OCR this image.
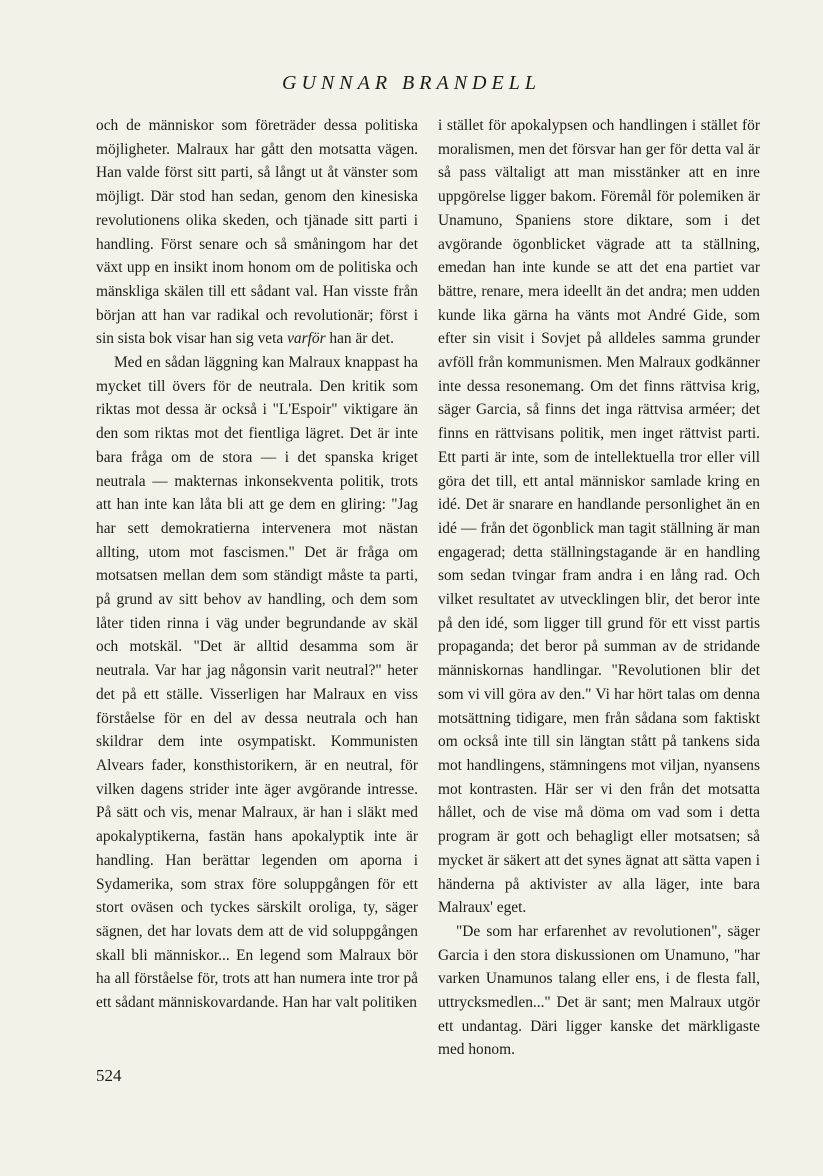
GUNNAR BRANDELL

och de människor som företräder dessa politiska möjligheter. Malraux har gått den motsatta vägen. Han valde först sitt parti, så långt ut åt vänster som möjligt. Där stod han sedan, genom den kinesiska revolutionens olika skeden, och tjänade sitt parti i handling. Först senare och så småningom har det växt upp en insikt inom honom om de politiska och mänskliga skälen till ett sådant val. Han visste från början att han var radikal och revolutionär; först i sin sista bok visar han sig veta varför han är det.

Med en sådan läggning kan Malraux knappast ha mycket till övers för de neutrala. Den kritik som riktas mot dessa är också i "L'Espoir" viktigare än den som riktas mot det fientliga lägret. Det är inte bara fråga om de stora — i det spanska kriget neutrala — makternas inkonsekventa politik, trots att han inte kan låta bli att ge dem en gliring: "Jag har sett demokratierna intervenera mot nästan allting, utom mot fascismen." Det är fråga om motsatsen mellan dem som ständigt måste ta parti, på grund av sitt behov av handling, och dem som låter tiden rinna i väg under begrundande av skäl och motskäl. "Det är alltid desamma som är neutrala. Var har jag någonsin varit neutral?" heter det på ett ställe. Visserligen har Malraux en viss förståelse för en del av dessa neutrala och han skildrar dem inte osympatiskt. Kommunisten Alvears fader, konsthistorikern, är en neutral, för vilken dagens strider inte äger avgörande intresse. På sätt och vis, menar Malraux, är han i släkt med apokalyptikerna, fastän hans apokalyptik inte är handling. Han berättar legenden om aporna i Sydamerika, som strax före soluppgången för ett stort oväsen och tyckes särskilt oroliga, ty, säger sägnen, det har lovats dem att de vid soluppgången skall bli människor... En legend som Malraux bör ha all förståelse för, trots att han numera inte tror på ett sådant människovardande. Han har valt politiken

i stället för apokalypsen och handlingen i stället för moralismen, men det försvar han ger för detta val är så pass vältaligt att man misstänker att en inre uppgörelse ligger bakom. Föremål för polemiken är Unamuno, Spaniens store diktare, som i det avgörande ögonblicket vägrade att ta ställning, emedan han inte kunde se att det ena partiet var bättre, renare, mera ideellt än det andra; men udden kunde lika gärna ha vänts mot André Gide, som efter sin visit i Sovjet på alldeles samma grunder avföll från kommunismen. Men Malraux godkänner inte dessa resonemang. Om det finns rättvisa krig, säger Garcia, så finns det inga rättvisa arméer; det finns en rättvisans politik, men inget rättvist parti. Ett parti är inte, som de intellektuella tror eller vill göra det till, ett antal människor samlade kring en idé. Det är snarare en handlande personlighet än en idé — från det ögonblick man tagit ställning är man engagerad; detta ställningstagande är en handling som sedan tvingar fram andra i en lång rad. Och vilket resultatet av utvecklingen blir, det beror inte på den idé, som ligger till grund för ett visst partis propaganda; det beror på summan av de stridande människornas handlingar. "Revolutionen blir det som vi vill göra av den." Vi har hört talas om denna motsättning tidigare, men från sådana som faktiskt om också inte till sin längtan stått på tankens sida mot handlingens, stämningens mot viljan, nyansens mot kontrasten. Här ser vi den från det motsatta hållet, och de vise må döma om vad som i detta program är gott och behagligt eller motsatsen; så mycket är säkert att det synes ägnat att sätta vapen i händerna på aktivister av alla läger, inte bara Malraux' eget.

"De som har erfarenhet av revolutionen", säger Garcia i den stora diskussionen om Unamuno, "har varken Unamunos talang eller ens, i de flesta fall, uttrycksmedlen..." Det är sant; men Malraux utgör ett undantag. Däri ligger kanske det märkligaste med honom.

524
